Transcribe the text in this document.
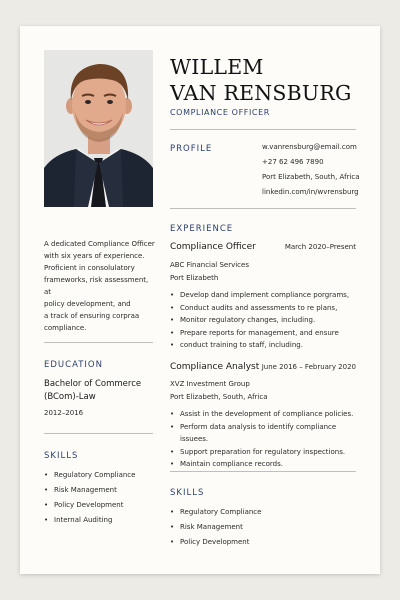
WILLEM
VAN RENSBURG
COMPLIANCE OFFICER
PROFILE	w.vanrensburg@email.com
+27 62 496 7890
Port Elizabeth, South, Africa
linkedin.com/in/wvrensburg
A dedicated Compliance Officer
with six years of experience.
Proficient in consolulatory
frameworks, risk assessment, at
policy development, and
a track of ensuring corpraa
compliance.
EDUCATION
Bachelor of Commerce
(BCom)-Law
2012–2016
SKILLS
• Regulatory Compliance
• Risk Management
• Policy Development
• Internal Auditing
EXPERIENCE
Compliance Officer	March 2020–Present
ABC Financial Services
Port Elizabeth
• Develop dand implement compliance porgrams,
• Conduct audits and assessments to re plans,
• Monitor regulatory changes, including.
• Prepare reports for management, and ensure
• conduct training to staff, including.
Compliance Analyst June 2016 – February 2020
XVZ Investment Group
Port Elizabeth, South, Africa
• Assist in the development of compliance policies.
• Perform data analysis to identify compliance issuees.
• Support preparation for regulatory inspections.
• Maintain compliance records.
SKILLS
• Regulatory Compliance
• Risk Management
• Policy Development
